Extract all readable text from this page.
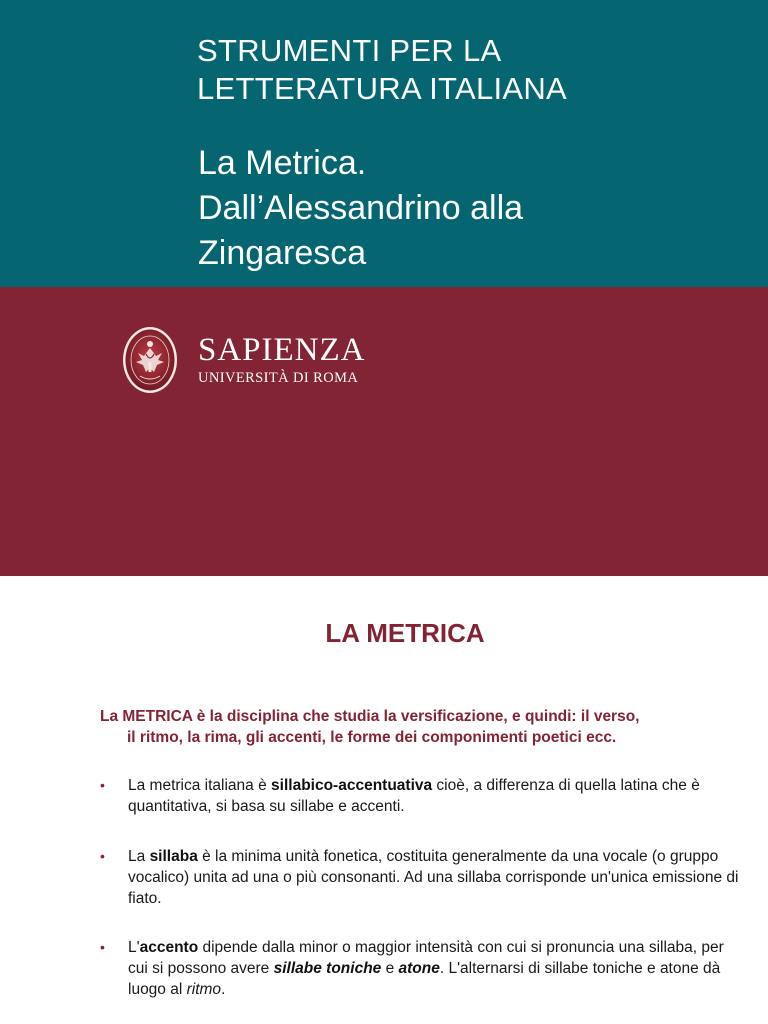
STRUMENTI PER LA
LETTERATURA ITALIANA
La Metrica.
Dall’Alessandrino alla
Zingaresca
SAPIENZA
UNIVERSITÀ DI ROMA
LA METRICA
La METRICA è la disciplina che studia la versificazione, e quindi: il verso,
il ritmo, la rima, gli accenti, le forme dei componimenti poetici ecc.
•	La metrica italiana è sillabico-accentuativa cioè, a differenza di quella latina che è quantitativa, si basa su sillabe e accenti.
•	La sillaba è la minima unità fonetica, costituita generalmente da una vocale (o gruppo vocalico) unita ad una o più consonanti. Ad una sillaba corrisponde un'unica emissione di fiato.
•	L'accento dipende dalla minor o maggior intensità con cui si pronuncia una sillaba, per cui si possono avere sillabe toniche e atone. L'alternarsi di sillabe toniche e atone dà luogo al ritmo.
